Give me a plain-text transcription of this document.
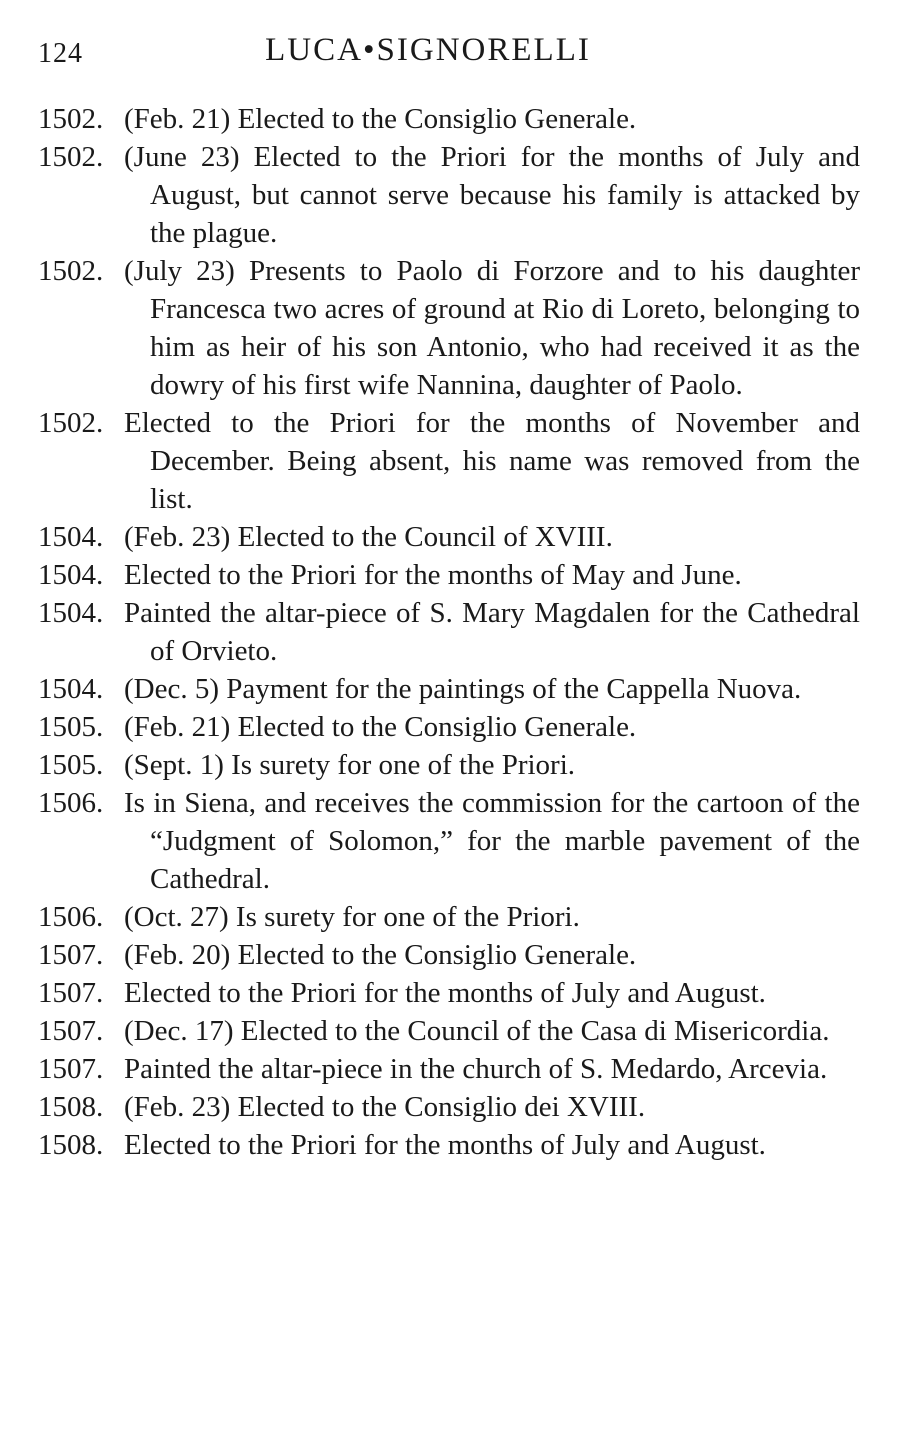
124	LUCA•SIGNORELLI

1502. (Feb. 21) Elected to the Consiglio Generale.

1502. (June 23) Elected to the Priori for the months of July and August, but cannot serve because his family is attacked by the plague.

1502. (July 23) Presents to Paolo di Forzore and to his daughter Francesca two acres of ground at Rio di Loreto, belonging to him as heir of his son Antonio, who had received it as the dowry of his first wife Nannina, daughter of Paolo.

1502. Elected to the Priori for the months of November and December. Being absent, his name was removed from the list.

1504. (Feb. 23) Elected to the Council of XVIII.

1504. Elected to the Priori for the months of May and June.

1504. Painted the altar-piece of S. Mary Magdalen for the Cathedral of Orvieto.

1504. (Dec. 5) Payment for the paintings of the Cappella Nuova.

1505. (Feb. 21) Elected to the Consiglio Generale.

1505. (Sept. 1) Is surety for one of the Priori.

1506. Is in Siena, and receives the commission for the cartoon of the “Judgment of Solomon,” for the marble pavement of the Cathedral.

1506. (Oct. 27) Is surety for one of the Priori.

1507. (Feb. 20) Elected to the Consiglio Generale.

1507. Elected to the Priori for the months of July and August.

1507. (Dec. 17) Elected to the Council of the Casa di Misericordia.

1507. Painted the altar-piece in the church of S. Medardo, Arcevia.

1508. (Feb. 23) Elected to the Consiglio dei XVIII.

1508. Elected to the Priori for the months of July and August.
